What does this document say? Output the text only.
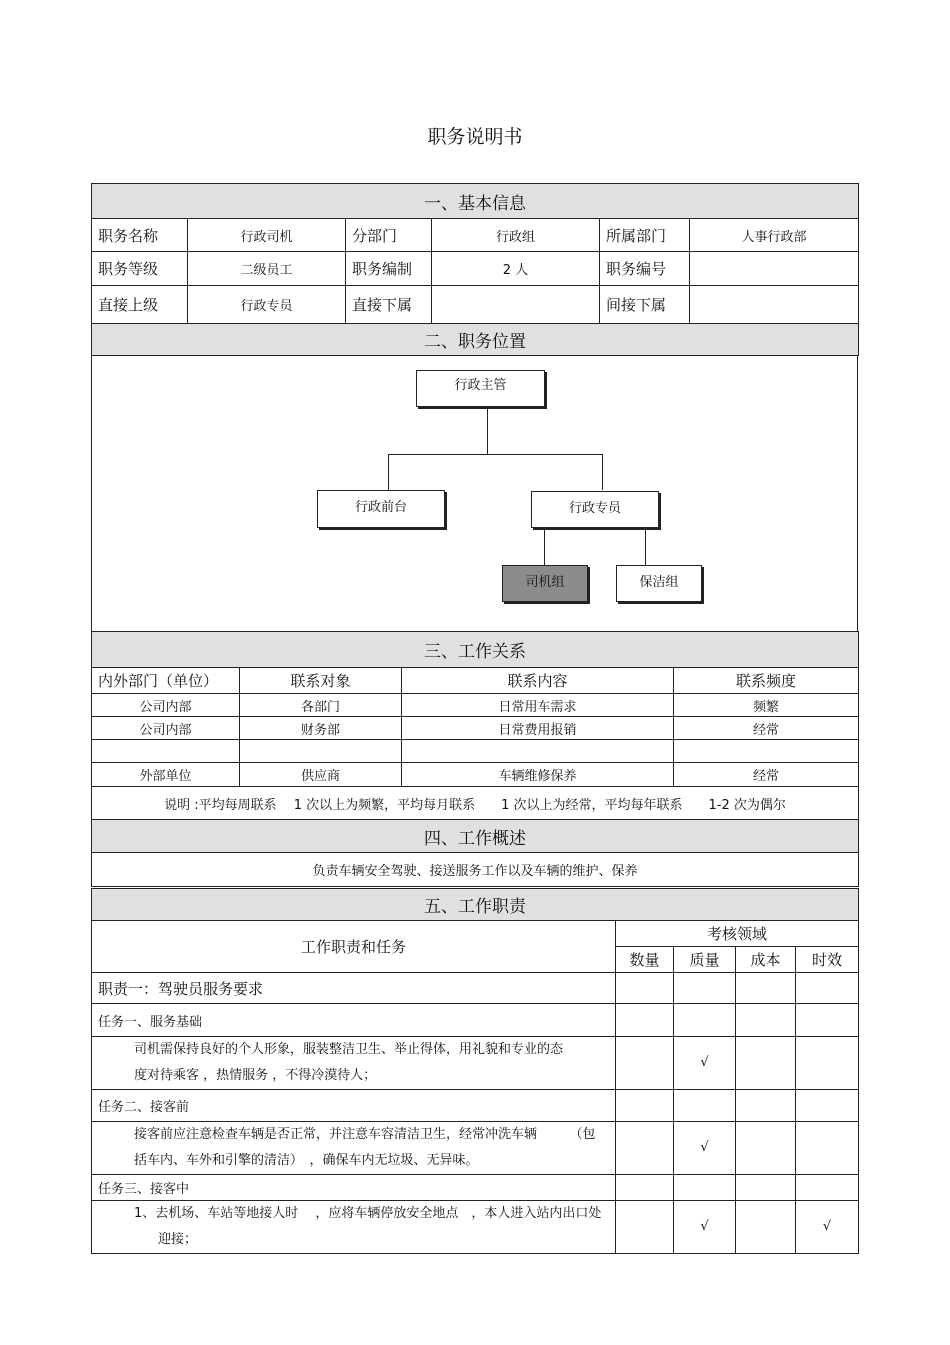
职务说明书
一、基本信息					
职务名称	行政司机	分部门	行政组	所属部门	人事行政部
职务等级	二级员工	职务编制	2 人	职务编号	
直接上级	行政专员	直接下属		间接下属	
二、职务位置					
行政主管
行政前台	行政专员
司机组	保洁组
三、工作关系			
内外部门（单位）	联系对象	联系内容	联系频度
公司内部	各部门	日常用车需求	频繁
公司内部	财务部	日常费用报销	经常

外部单位	供应商	车辆维修保养	经常
说明 :平均每周联系　 1 次以上为频繁，平均每月联系　　1 次以上为经常，平均每年联系　　1-2 次为偶尔			
四、工作概述			
负责车辆安全驾驶、接送服务工作以及车辆的维护、保养			
五、工作职责				
工作职责和任务	考核领域			
	数量	质量	成本	时效
职责一：驾驶员服务要求				
任务一、服务基础				

司机需保持良好的个人形象，服装整洁卫生、举止得体，用礼貌和专业的态
度对待乘客 ，热情服务 ，不得冷漠待人；		√		
任务二、接客前				

接客前应注意检查车辆是否正常，并注意车容清洁卫生，经常冲洗车辆　　　（包
括车内、车外和引擎的清洁）　，确保车内无垃圾、无异味。		√		
任务三、接客中				

1、去机场、车站等地接人时　 ，应将车辆停放安全地点　，本人进入站内出口处
迎接；		√		√
